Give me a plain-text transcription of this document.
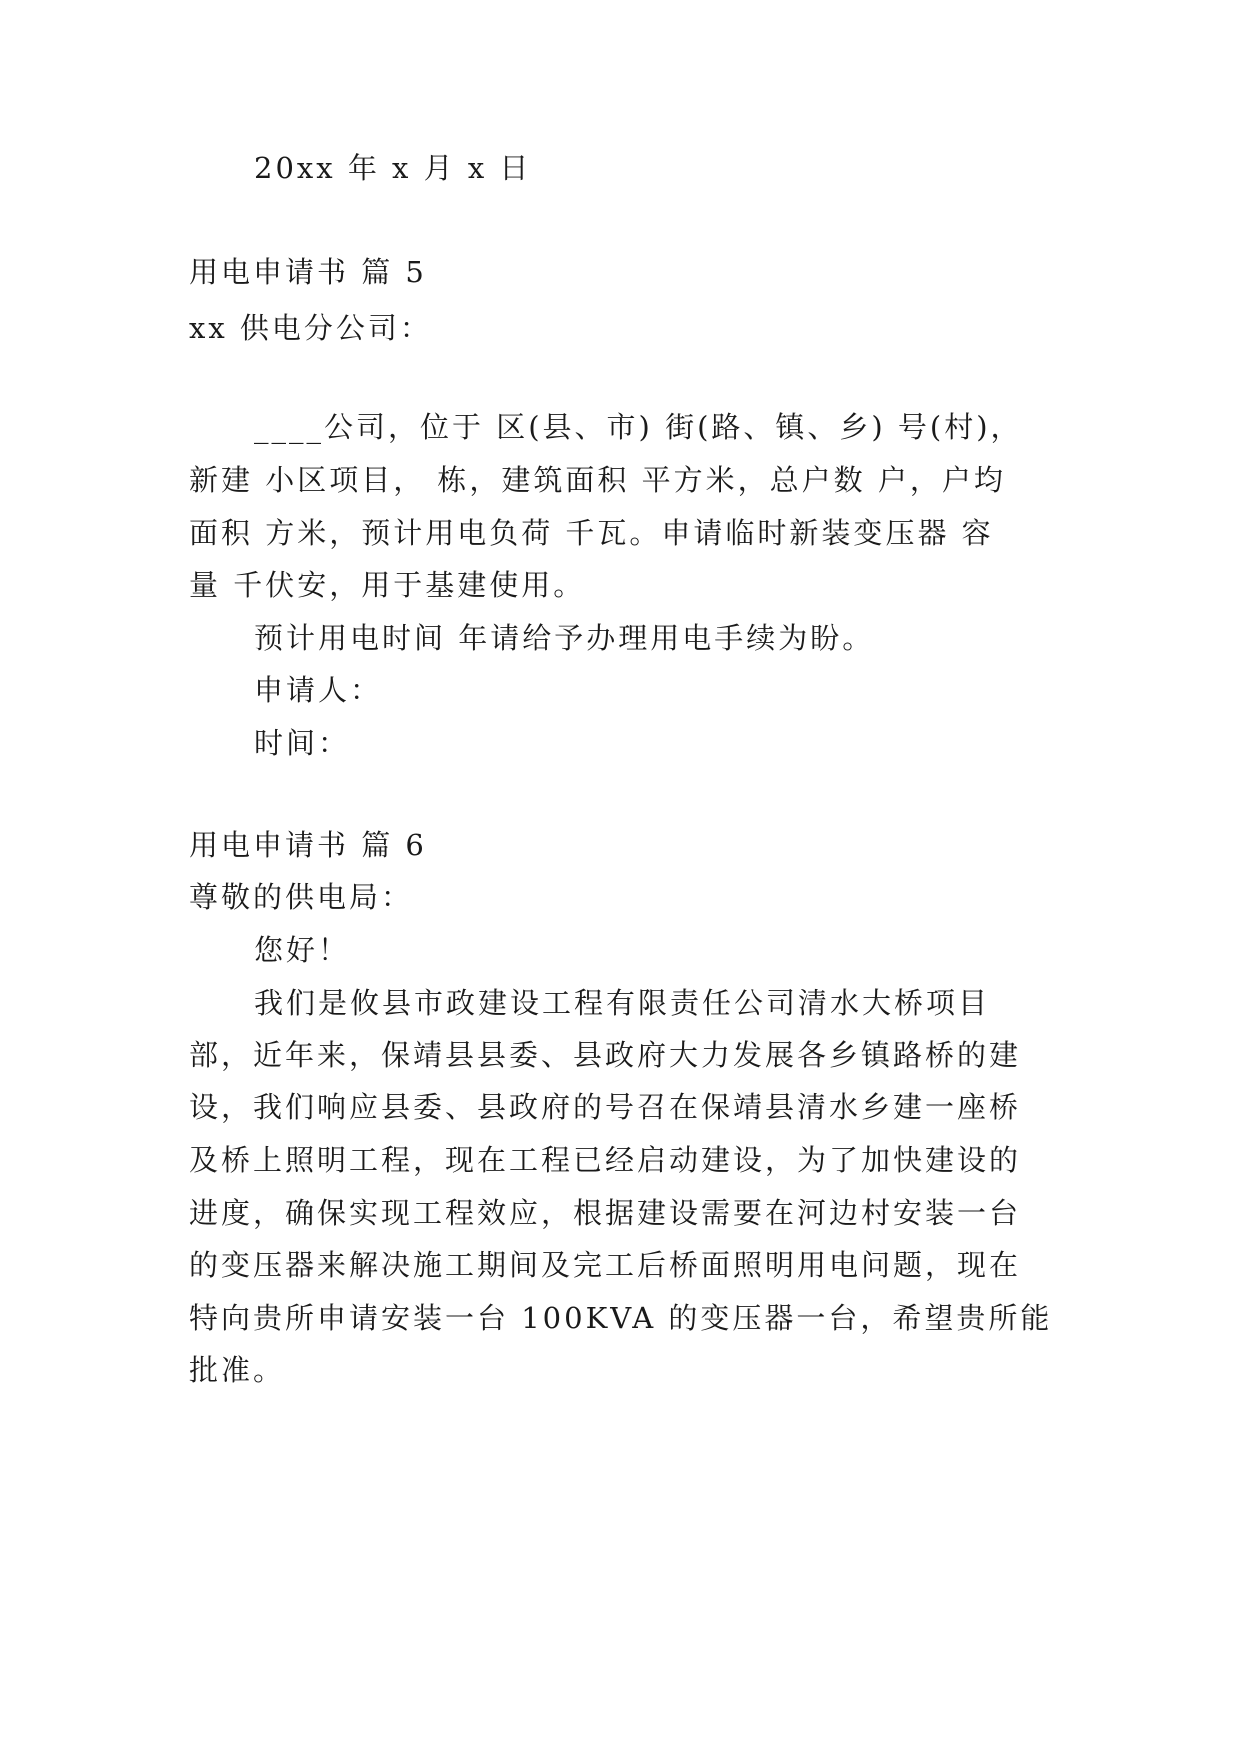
20xx 年 x 月 x 日
用电申请书 篇 5
xx 供电分公司：
____公司，位于 区(县、市) 街(路、镇、乡) 号(村)，
新建 小区项目， 栋，建筑面积 平方米，总户数 户，户均
面积 方米，预计用电负荷 千瓦。申请临时新装变压器 容
量 千伏安，用于基建使用。
预计用电时间 年请给予办理用电手续为盼。
申请人：
时间：
用电申请书 篇 6
尊敬的供电局：
您好！
我们是攸县市政建设工程有限责任公司清水大桥项目
部，近年来，保靖县县委、县政府大力发展各乡镇路桥的建
设，我们响应县委、县政府的号召在保靖县清水乡建一座桥
及桥上照明工程，现在工程已经启动建设，为了加快建设的
进度，确保实现工程效应，根据建设需要在河边村安装一台
的变压器来解决施工期间及完工后桥面照明用电问题，现在
特向贵所申请安装一台 100KVA 的变压器一台，希望贵所能
批准。
